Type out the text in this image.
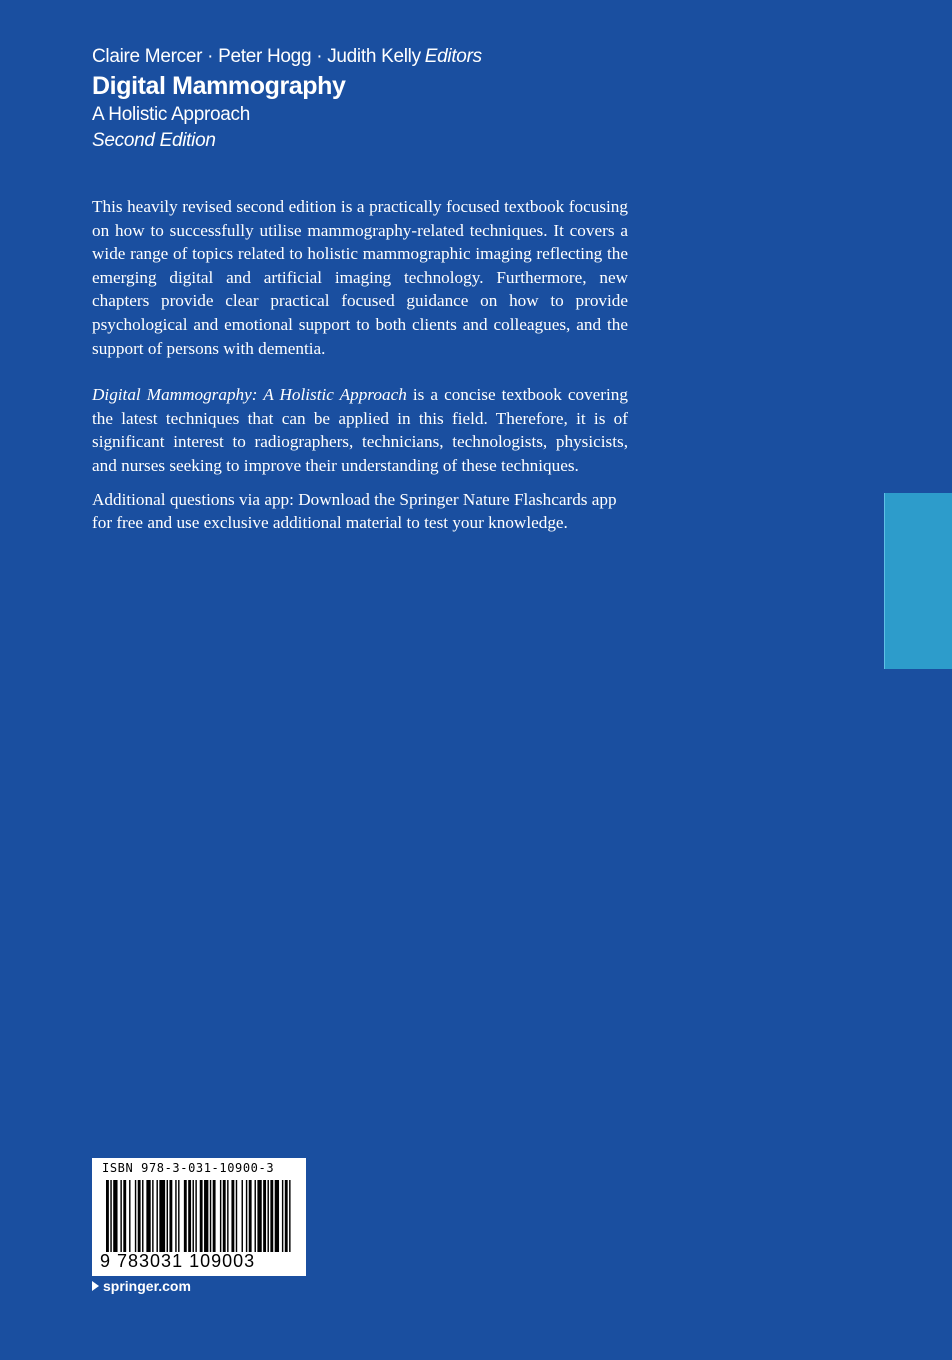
Claire Mercer · Peter Hogg · Judith Kelly Editors
Digital Mammography
A Holistic Approach
Second Edition

This heavily revised second edition is a practically focused textbook focusing on how to successfully utilise mammography-related techniques. It covers a wide range of topics related to holistic mammographic imaging reflecting the emerging digital and artificial imaging technology. Furthermore, new chapters provide clear practical focused guidance on how to provide psychological and emotional support to both clients and colleagues, and the support of persons with dementia.

Digital Mammography: A Holistic Approach is a concise textbook covering the latest techniques that can be applied in this field. Therefore, it is of significant interest to radiographers, technicians, technologists, physicists, and nurses seeking to improve their understanding of these techniques.

Additional questions via app: Download the Springer Nature Flashcards app for free and use exclusive additional material to test your knowledge.

ISBN 978-3-031-10900-3
9 783031 109003
springer.com
